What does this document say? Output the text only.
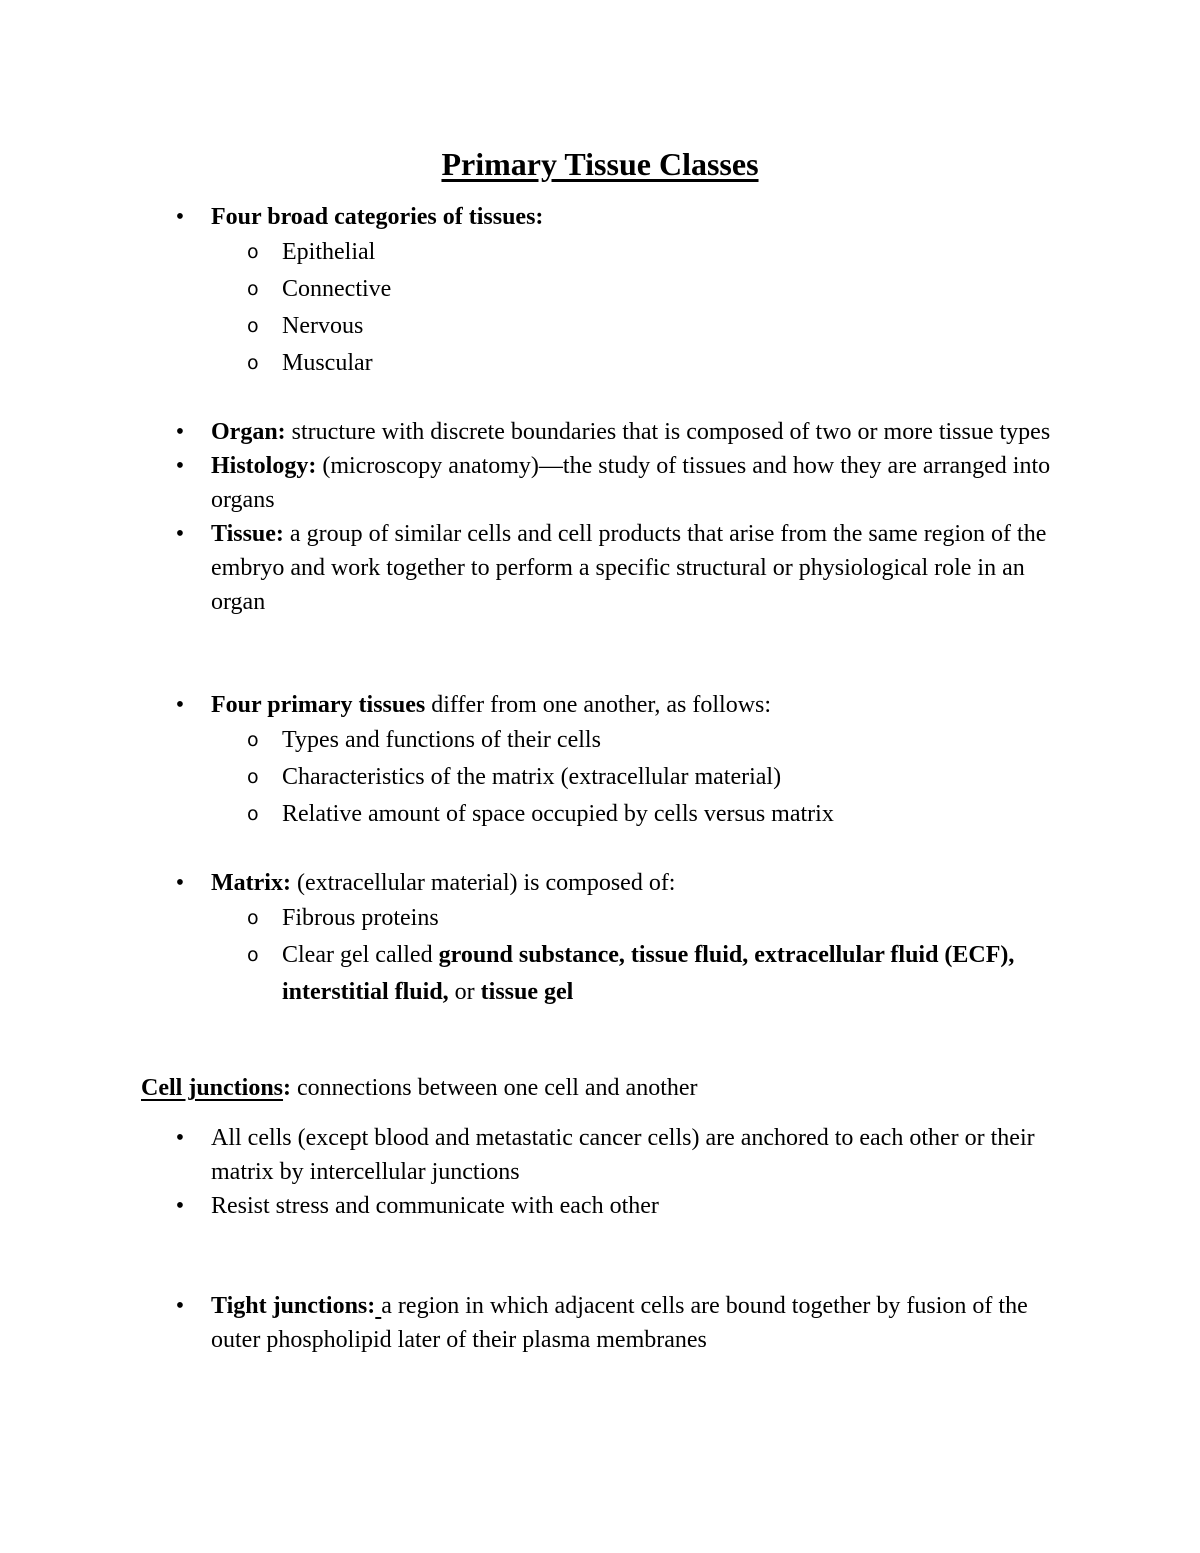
Primary Tissue Classes
• Four broad categories of tissues:
o Epithelial
o Connective
o Nervous
o Muscular
• Organ: structure with discrete boundaries that is composed of two or more tissue types
• Histology: (microscopy anatomy)—the study of tissues and how they are arranged into organs
• Tissue: a group of similar cells and cell products that arise from the same region of the embryo and work together to perform a specific structural or physiological role in an organ
• Four primary tissues differ from one another, as follows:
o Types and functions of their cells
o Characteristics of the matrix (extracellular material)
o Relative amount of space occupied by cells versus matrix
• Matrix: (extracellular material) is composed of:
o Fibrous proteins
o Clear gel called ground substance, tissue fluid, extracellular fluid (ECF), interstitial fluid, or tissue gel
Cell junctions: connections between one cell and another
• All cells (except blood and metastatic cancer cells) are anchored to each other or their matrix by intercellular junctions
• Resist stress and communicate with each other
• Tight junctions: a region in which adjacent cells are bound together by fusion of the outer phospholipid later of their plasma membranes
